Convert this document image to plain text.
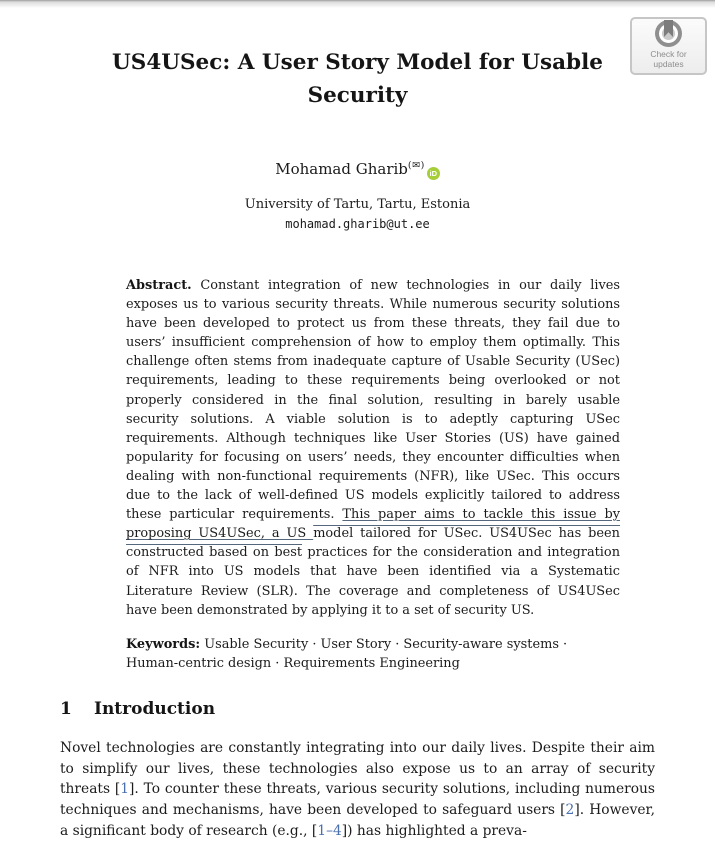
Check for
updates
US4USec: A User Story Model for Usable
Security
Mohamad Gharib(✉)iD
University of Tartu, Tartu, Estonia
mohamad.gharib@ut.ee
Abstract. Constant integration of new technologies in our daily lives exposes us to various security threats. While numerous security solutions have been developed to protect us from these threats, they fail due to users’ insufficient comprehension of how to employ them optimally. This challenge often stems from inadequate capture of Usable Security (USec) requirements, leading to these requirements being overlooked or not properly considered in the final solution, resulting in barely usable security solutions. A viable solution is to adeptly capturing USec requirements. Although techniques like User Stories (US) have gained popularity for focusing on users’ needs, they encounter difficulties when dealing with non-functional requirements (NFR), like USec. This occurs due to the lack of well-defined US models explicitly tailored to address these particular requirements. This paper aims to tackle this issue by proposing US4USec, a US model tailored for USec. US4USec has been constructed based on best practices for the consideration and integration of NFR into US models that have been identified via a Systematic Literature Review (SLR). The coverage and completeness of US4USec have been demonstrated by applying it to a set of security US.
Keywords: Usable Security · User Story · Security-aware systems · Human-centric design · Requirements Engineering
1 Introduction
Novel technologies are constantly integrating into our daily lives. Despite their aim to simplify our lives, these technologies also expose us to an array of security threats [1]. To counter these threats, various security solutions, including numerous techniques and mechanisms, have been developed to safeguard users [2]. However, a significant body of research (e.g., [1–4]) has highlighted a preva-
